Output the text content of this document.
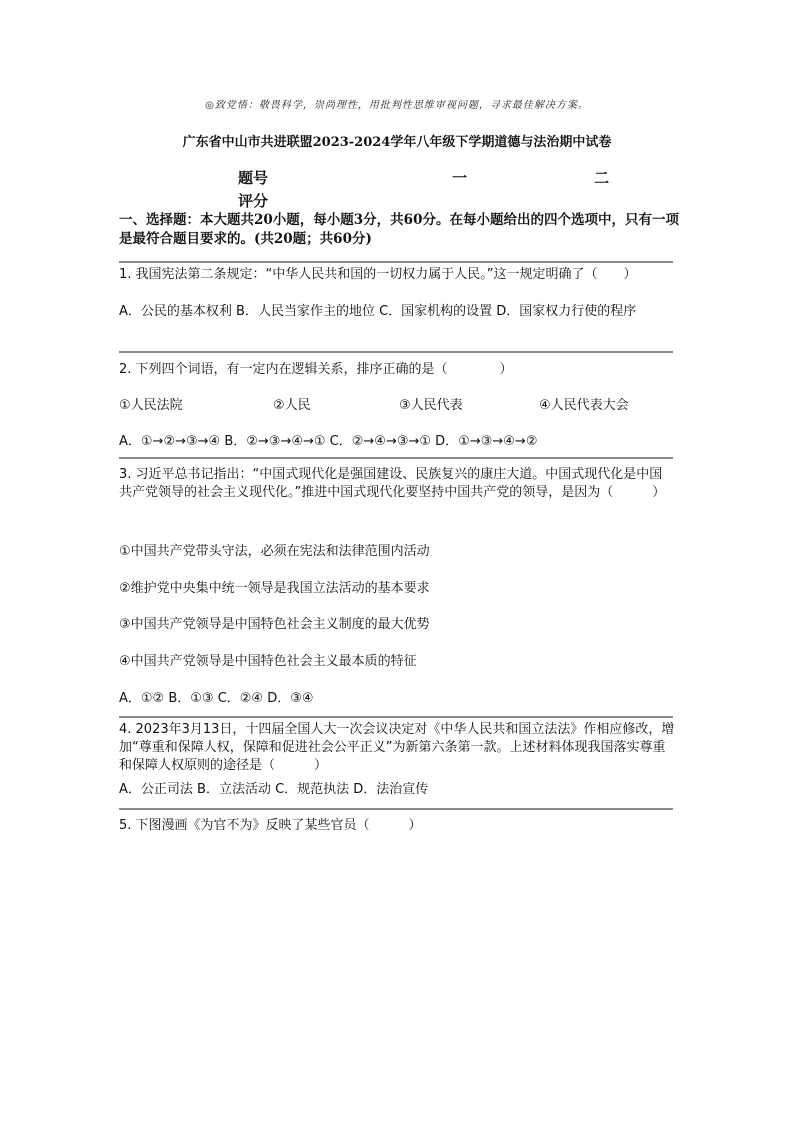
◎致党悟：敬畏科学，崇尚理性，用批判性思维审视问题，寻求最佳解决方案。
广东省中山市共进联盟2023-2024学年八年级下学期道德与法治期中试卷
题号	一	二
评分
一、选择题：本大题共20小题，每小题3分，共60分。在每小题给出的四个选项中，只有一项是最符合题目要求的。(共20题；共60分)
1. 我国宪法第二条规定：“中华人民共和国的一切权力属于人民。”这一规定明确了（　　）
A．公民的基本权利 B．人民当家作主的地位 C．国家机构的设置 D．国家权力行使的程序
2. 下列四个词语，有一定内在逻辑关系，排序正确的是（　　　　）
①人民法院	②人民	③人民代表	④人民代表大会
A．①→②→③→④ B．②→③→④→① C．②→④→③→① D．①→③→④→②
3. 习近平总书记指出：“中国式现代化是强国建设、民族复兴的康庄大道。中国式现代化是中国共产党领导的社会主义现代化。”推进中国式现代化要坚持中国共产党的领导，是因为（　　　）
①中国共产党带头守法，必须在宪法和法律范围内活动
②维护党中央集中统一领导是我国立法活动的基本要求
③中国共产党领导是中国特色社会主义制度的最大优势
④中国共产党领导是中国特色社会主义最本质的特征
A．①② B．①③ C．②④ D．③④
4. 2023年3月13日，十四届全国人大一次会议决定对《中华人民共和国立法法》作相应修改，增加“尊重和保障人权，保障和促进社会公平正义”为新第六条第一款。上述材料体现我国落实尊重和保障人权原则的途径是（　　　）
A．公正司法 B．立法活动 C．规范执法 D．法治宣传
5. 下图漫画《为官不为》反映了某些官员（　　　）
